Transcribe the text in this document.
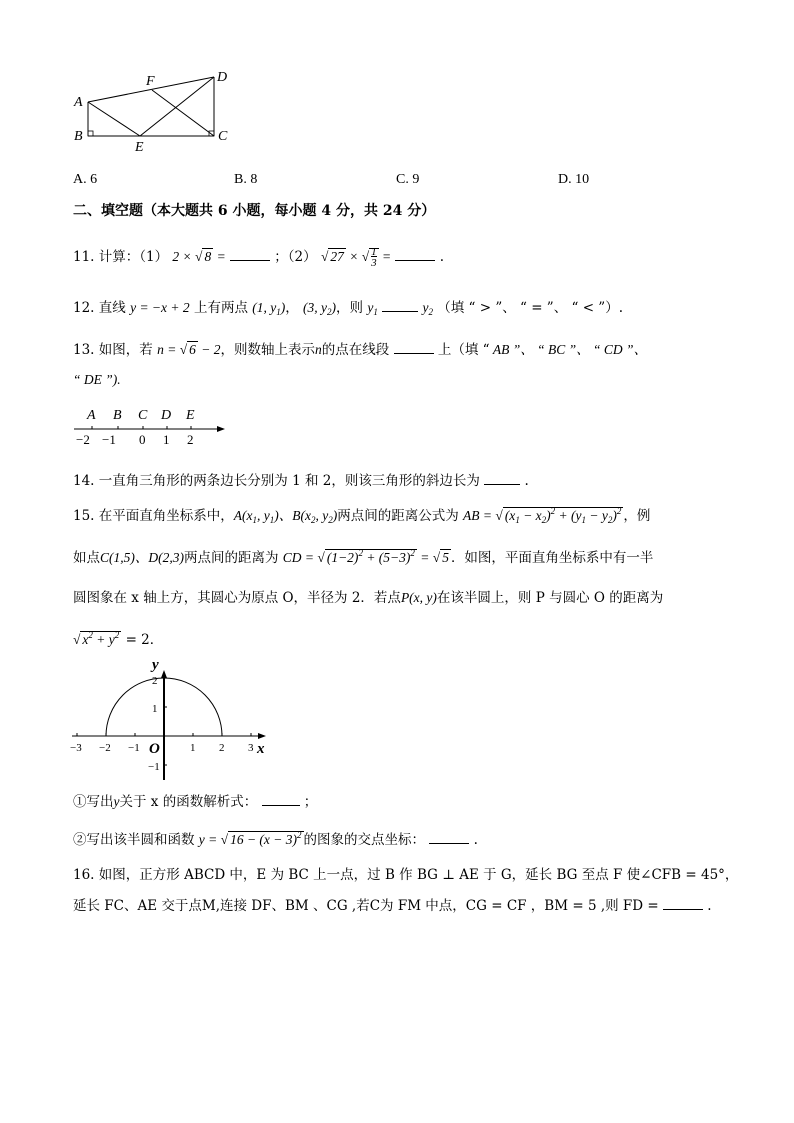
A
B	C
D
E
F
A. 6	B. 8	C. 9	D. 10
二、填空题（本大题共 6 小题，每小题 4 分，共 24 分）
11. 计算：（1） 2 × √ 8 =	；（2） √ 27 × √ 1
3 =	.
12. 直线 y = −x + 2 上有两点 (1, $y_1$)， (3, $y_2$)，则 $y_1$	$y_2$ （填 “ > ”、 “ = ”、 “ < ”）.
13. 如图，若 n = √ 6 − 2，则数轴上表示n的点在线段	上（填 “ AB ”、 “ BC ”、 “ CD ”、
“ DE ”).
A B C D E
−2 −1 0 1 2
14. 一直角三角形的两条边长分别为 1 和 2，则该三角形的斜边长为	.
15. 在平面直角坐标系中，$A(x_1$, $y_1$)、$B(x_2$, $y_2$)两点间的距离公式为 AB = √ $(x_1 - x_2)^2 + (y_1 - y_2)^2$ ，例
如点C(1,5)、D(2,3)两点间的距离为 CD = √ $(1-2)^2 + (5-3)^2$ = √ 5 ．如图，平面直角坐标系中有一半
圆图象在 x 轴上方，其圆心为原点 O，半径为 2．若点P(x, y)在该半圆上，则 P 与圆心 O 的距离为
√ $x^2 + y^2 = 2$．
−3 −2 −1	1 2 3
2
1
−1
x
y
O
①写出y关于 x 的函数解析式：	；
②写出该半圆和函数 y = √ $16 - (x - 3)^2$ 的图象的交点坐标：	.
16. 如图，正方形 ABCD 中，E 为 BC 上一点，过 B 作 BG ⊥ AE 于 G，延长 BG 至点 F 使∠CFB = 45°，
延长 FC、AE 交于点M,连接 DF、BM 、CG ,若C为 FM 中点，CG = CF ，BM = 5 ,则 FD =	.
